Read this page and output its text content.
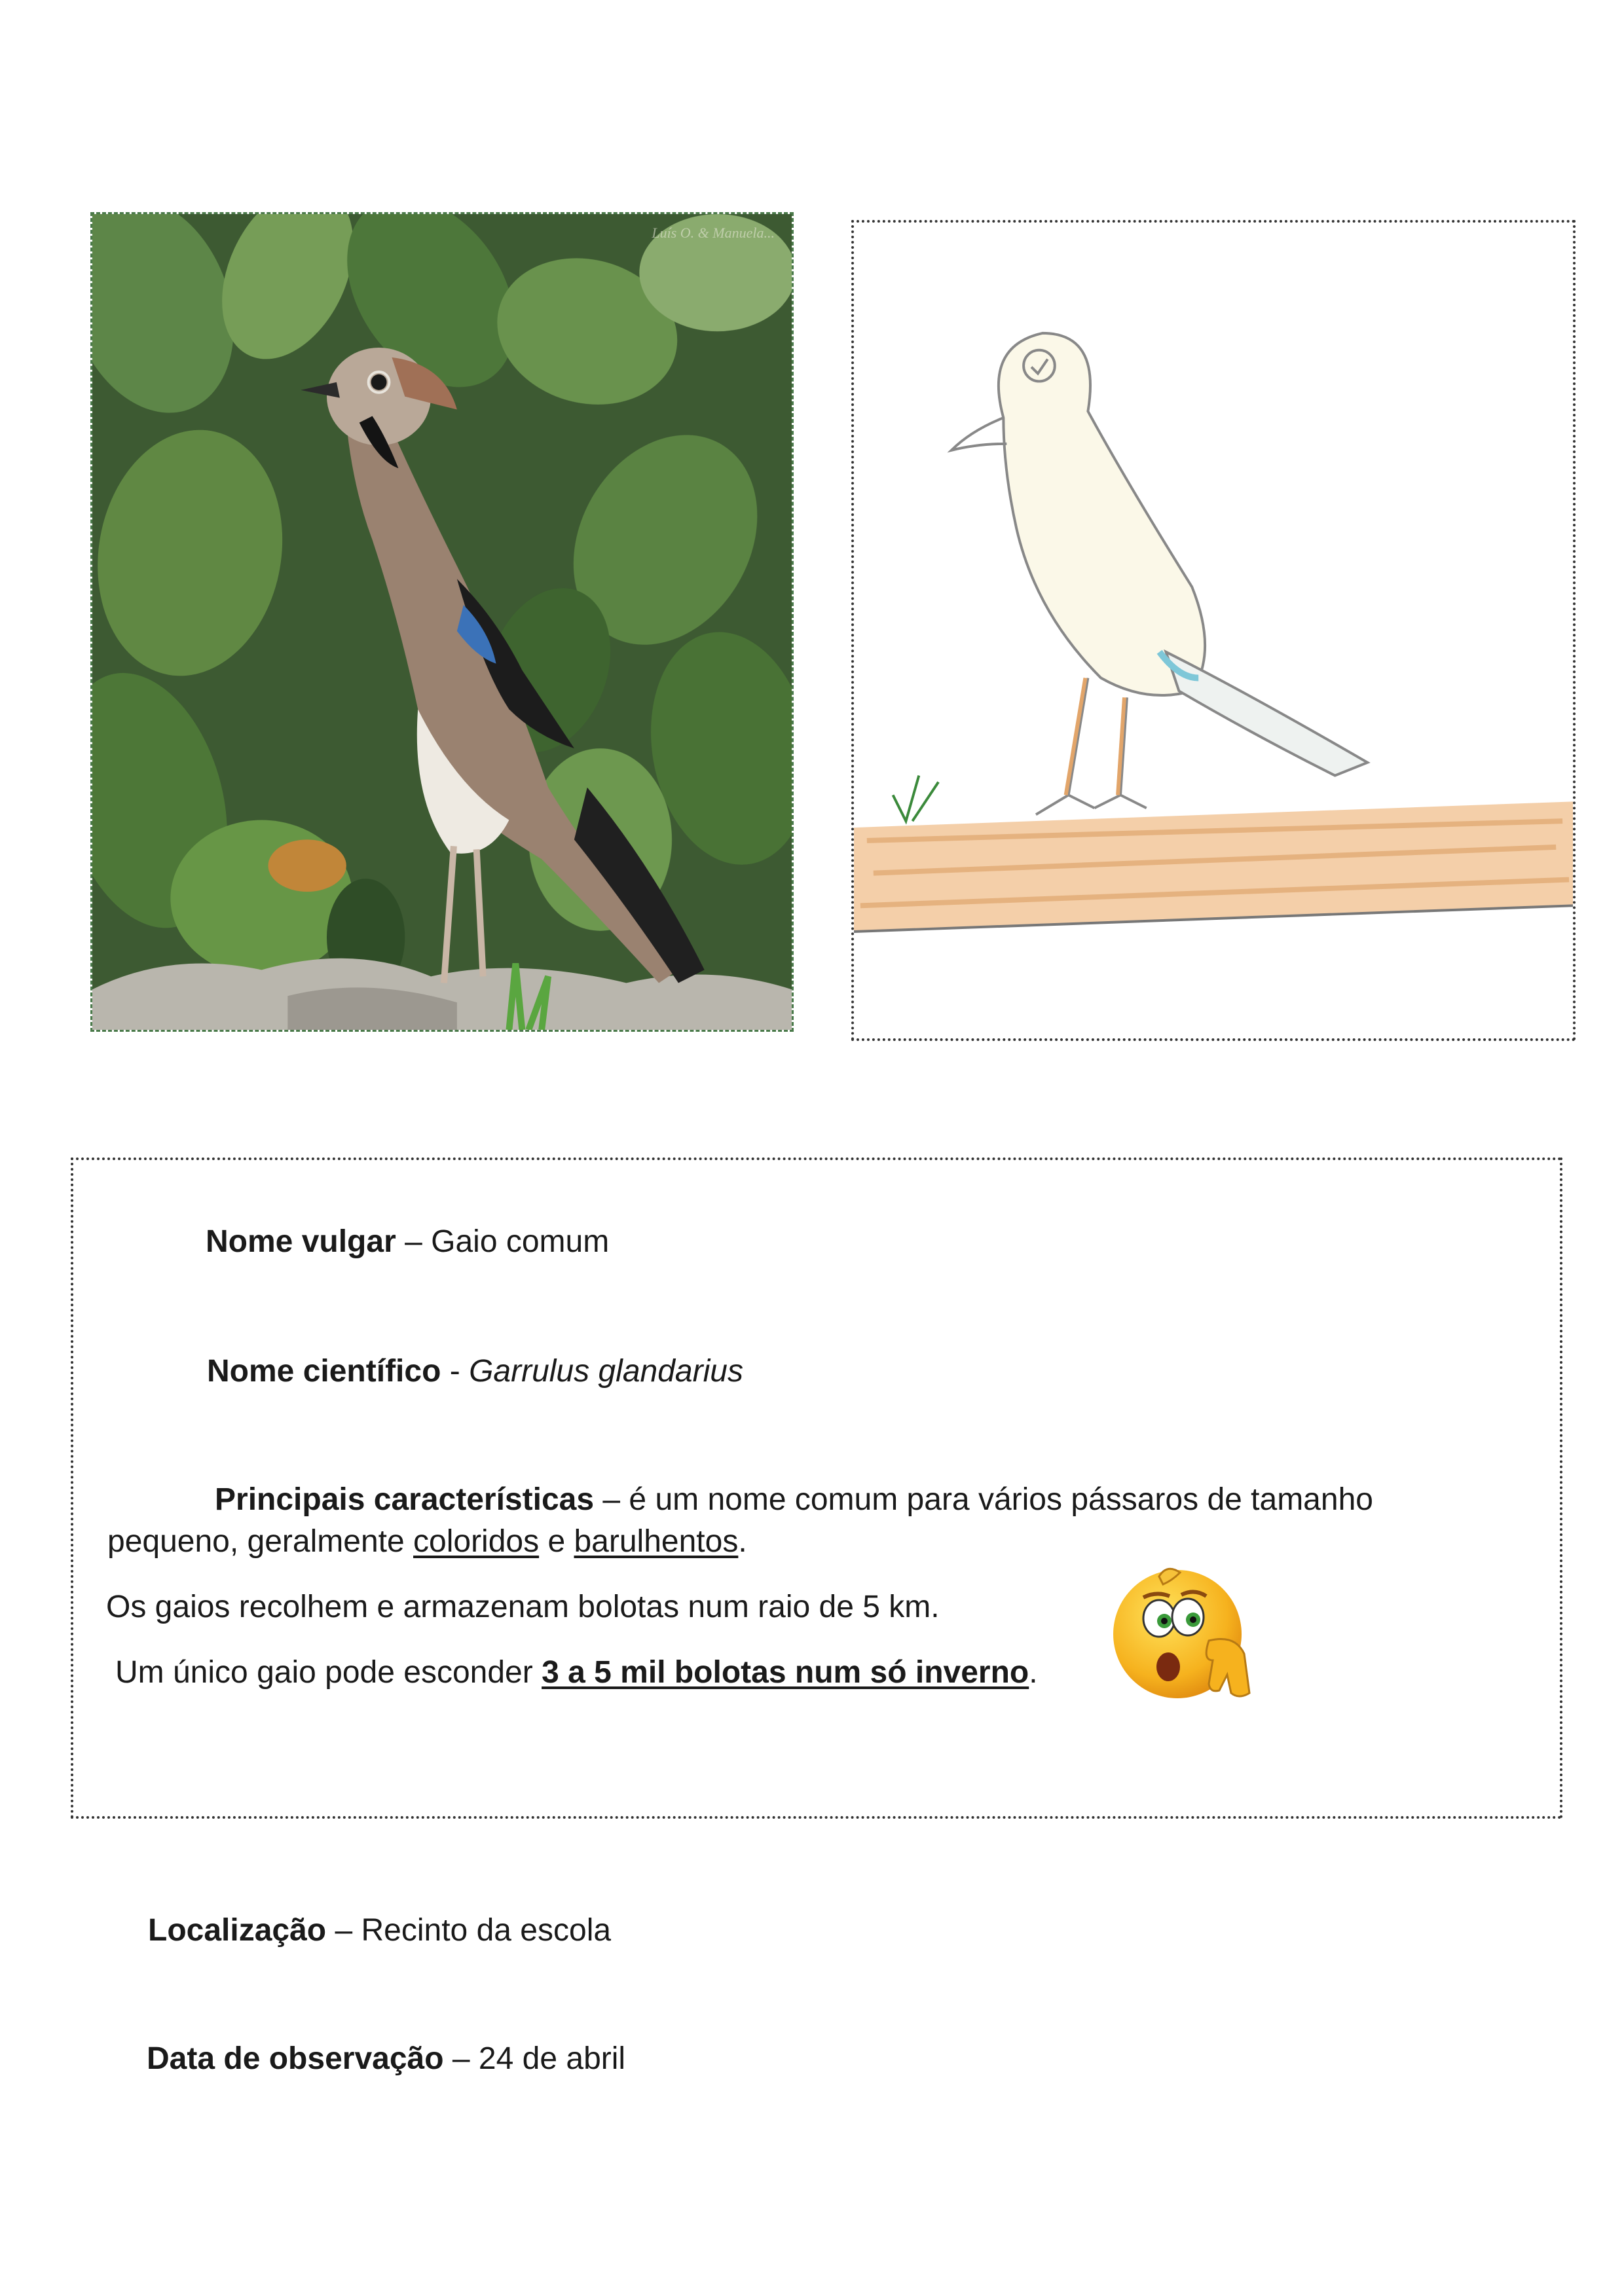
Luís O. & Manuela...
Nome vulgar – Gaio comum
Nome científico - Garrulus glandarius
Principais características – é um nome comum para vários pássaros de tamanho
pequeno, geralmente coloridos e barulhentos.
Os gaios recolhem e armazenam bolotas num raio de 5 km.
Um único gaio pode esconder 3 a 5 mil bolotas num só inverno.
Localização – Recinto da escola
Data de observação – 24 de abril
